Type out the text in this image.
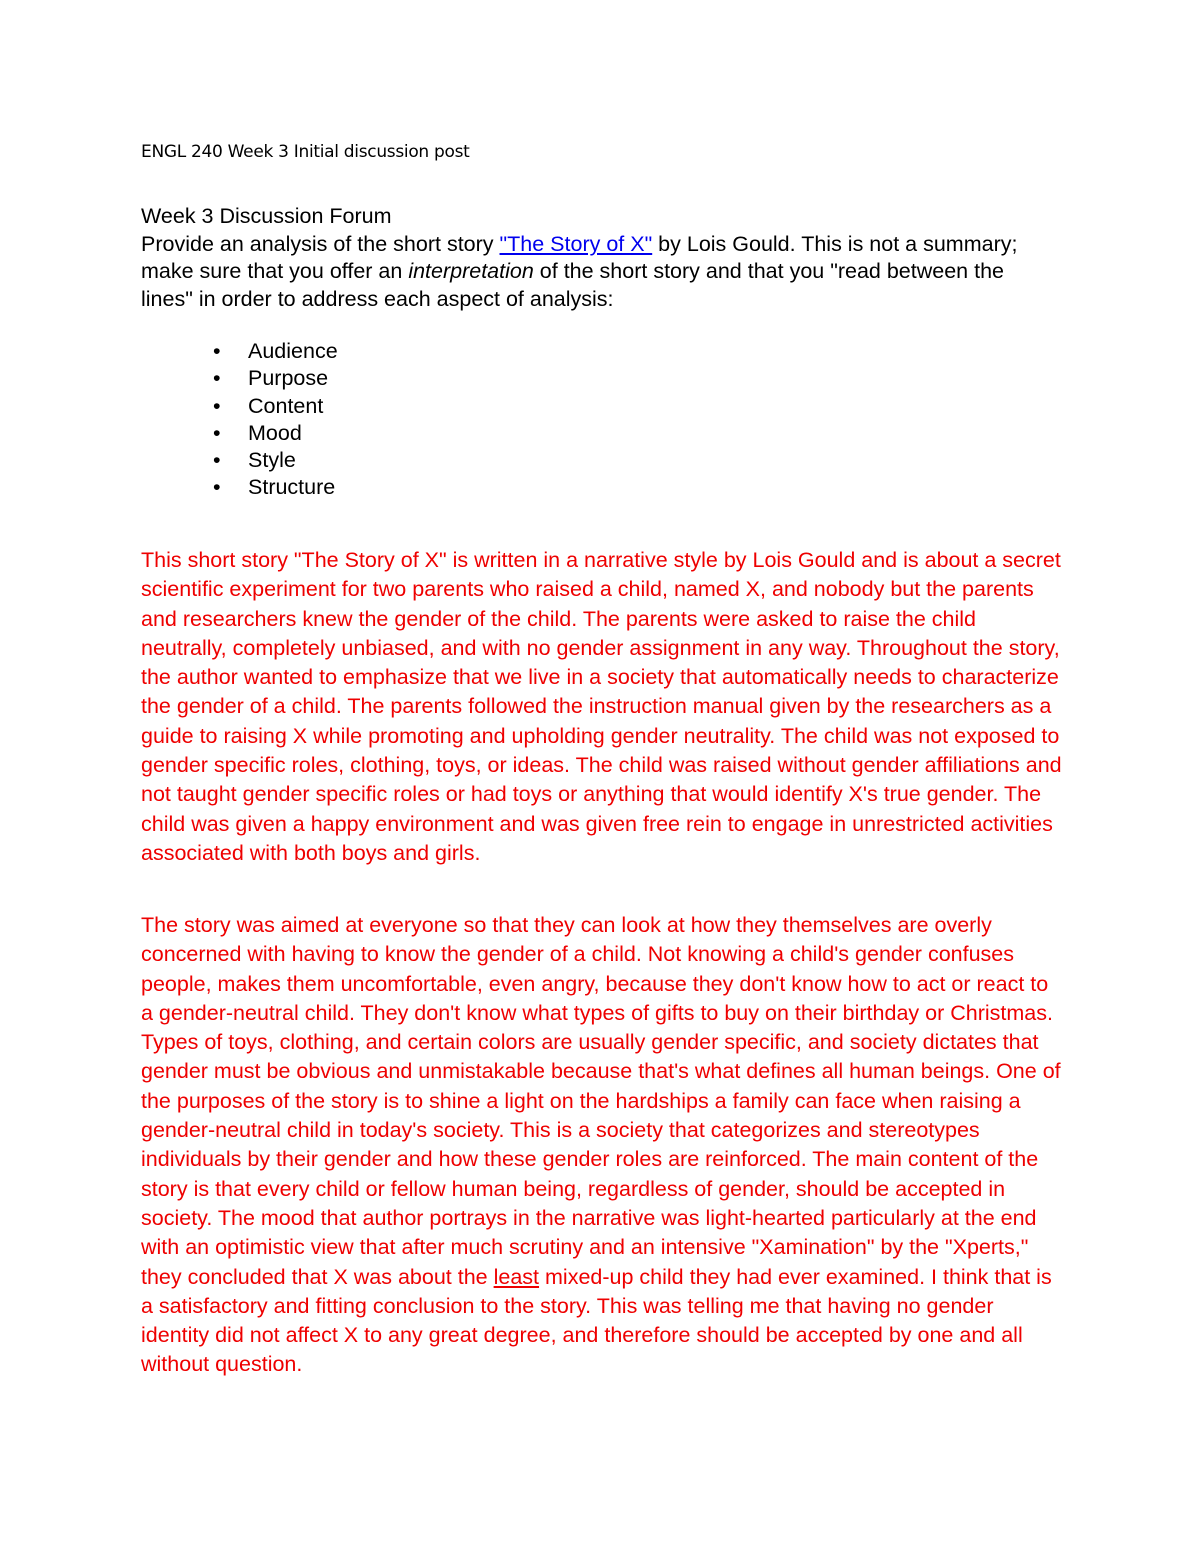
ENGL 240 Week 3 Initial discussion post

Week 3 Discussion Forum

Provide an analysis of the short story "The Story of X" by Lois Gould. This is not a summary; make sure that you offer an interpretation of the short story and that you "read between the lines" in order to address each aspect of analysis:

• Audience
• Purpose
• Content
• Mood
• Style
• Structure

This short story "The Story of X" is written in a narrative style by Lois Gould and is about a secret scientific experiment for two parents who raised a child, named X, and nobody but the parents and researchers knew the gender of the child. The parents were asked to raise the child neutrally, completely unbiased, and with no gender assignment in any way. Throughout the story, the author wanted to emphasize that we live in a society that automatically needs to characterize the gender of a child. The parents followed the instruction manual given by the researchers as a guide to raising X while promoting and upholding gender neutrality. The child was not exposed to gender specific roles, clothing, toys, or ideas. The child was raised without gender affiliations and not taught gender specific roles or had toys or anything that would identify X's true gender. The child was given a happy environment and was given free rein to engage in unrestricted activities associated with both boys and girls.

The story was aimed at everyone so that they can look at how they themselves are overly concerned with having to know the gender of a child. Not knowing a child's gender confuses people, makes them uncomfortable, even angry, because they don't know how to act or react to a gender-neutral child. They don't know what types of gifts to buy on their birthday or Christmas. Types of toys, clothing, and certain colors are usually gender specific, and society dictates that gender must be obvious and unmistakable because that's what defines all human beings. One of the purposes of the story is to shine a light on the hardships a family can face when raising a gender-neutral child in today's society. This is a society that categorizes and stereotypes individuals by their gender and how these gender roles are reinforced. The main content of the story is that every child or fellow human being, regardless of gender, should be accepted in society. The mood that author portrays in the narrative was light-hearted particularly at the end with an optimistic view that after much scrutiny and an intensive "Xamination" by the "Xperts," they concluded that X was about the least mixed-up child they had ever examined. I think that is a satisfactory and fitting conclusion to the story. This was telling me that having no gender identity did not affect X to any great degree, and therefore should be accepted by one and all without question.
